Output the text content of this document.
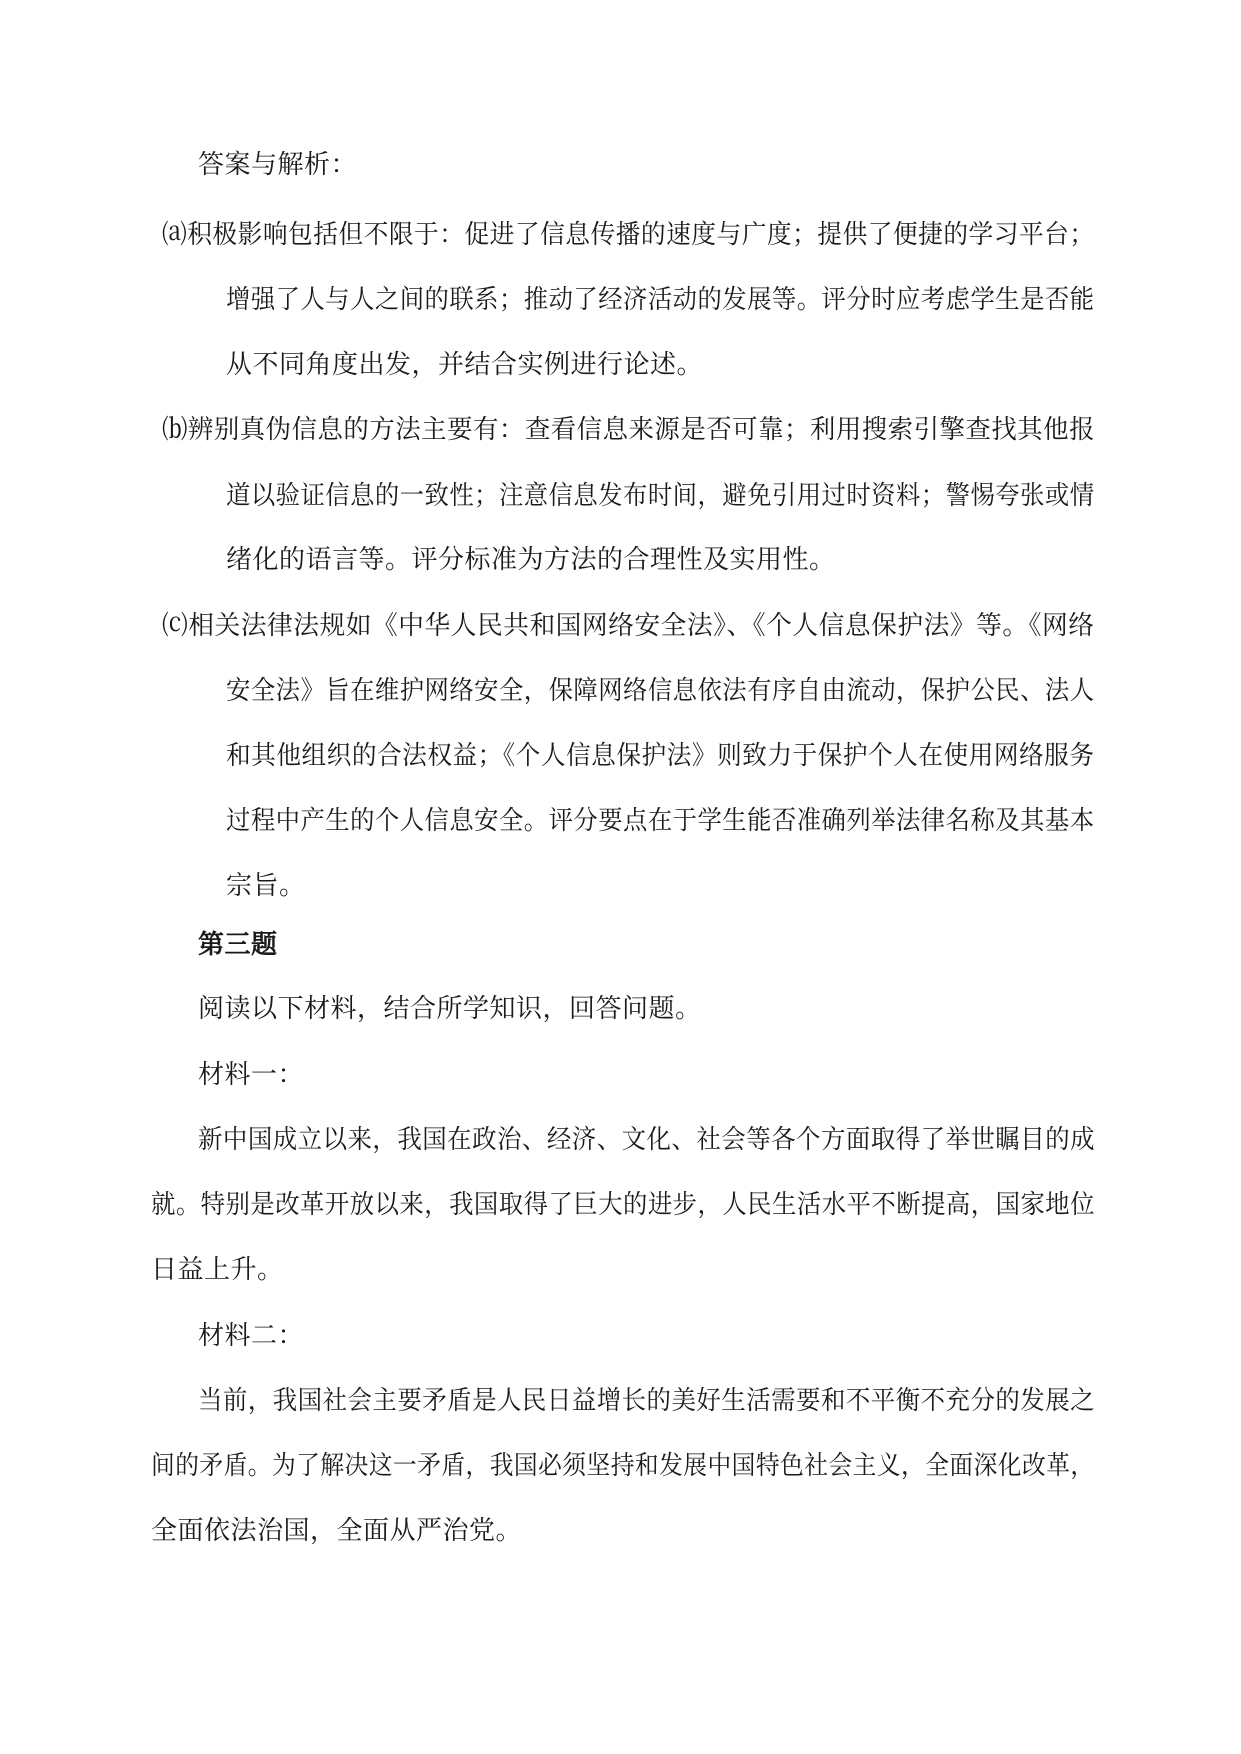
答案与解析：
⒜积极影响包括但不限于：促进了信息传播的速度与广度；提供了便捷的学习平台；
增强了人与人之间的联系；推动了经济活动的发展等。评分时应考虑学生是否能
从不同角度出发，并结合实例进行论述。
⒝辨别真伪信息的方法主要有：查看信息来源是否可靠；利用搜索引擎查找其他报
道以验证信息的一致性；注意信息发布时间，避免引用过时资料；警惕夸张或情
绪化的语言等。评分标准为方法的合理性及实用性。
⒞相关法律法规如《中华人民共和国网络安全法》、《个人信息保护法》等。《网络
安全法》旨在维护网络安全，保障网络信息依法有序自由流动，保护公民、法人
和其他组织的合法权益；《个人信息保护法》则致力于保护个人在使用网络服务
过程中产生的个人信息安全。评分要点在于学生能否准确列举法律名称及其基本
宗旨。
第三题
阅读以下材料，结合所学知识，回答问题。
材料一：
新中国成立以来，我国在政治、经济、文化、社会等各个方面取得了举世瞩目的成
就。特别是改革开放以来，我国取得了巨大的进步，人民生活水平不断提高，国家地位
日益上升。
材料二：
当前，我国社会主要矛盾是人民日益增长的美好生活需要和不平衡不充分的发展之
间的矛盾。为了解决这一矛盾，我国必须坚持和发展中国特色社会主义，全面深化改革，
全面依法治国，全面从严治党。
